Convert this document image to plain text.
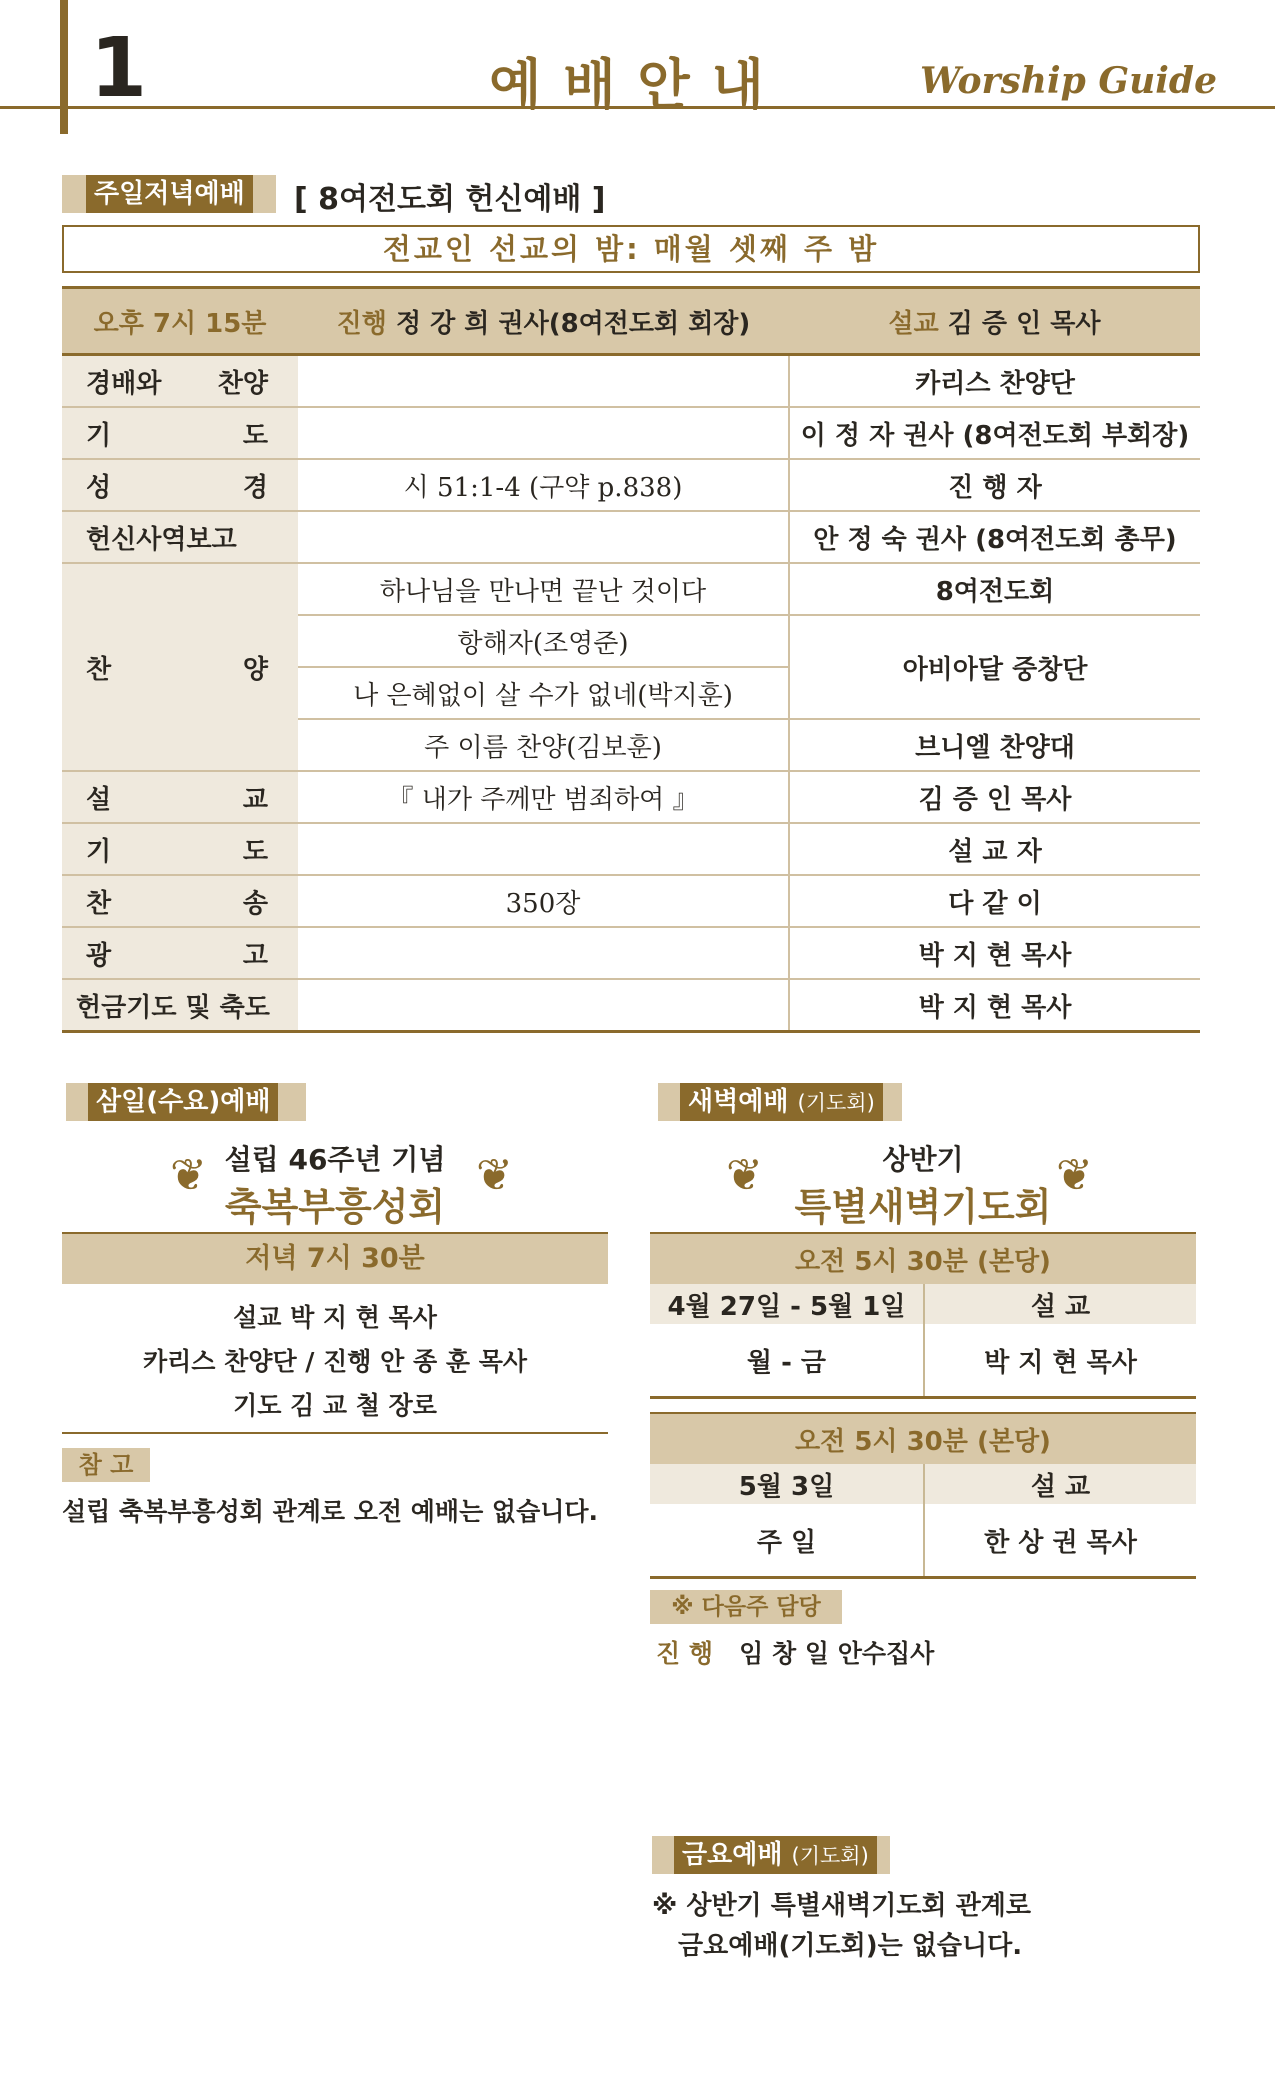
1	예배안내	Worship Guide
주일저녁예배 [ 8여전도회 헌신예배 ]
전교인 선교의 밤: 매월 셋째 주 밤
오후 7시 15분	진행 정 강 희 권사(8여전도회 회장)	설교 김 증 인 목사
경배와 찬양		카리스 찬양단
기 도		이 정 자 권사 (8여전도회 부회장)
성 경	시 51:1-4 (구약 p.838)	진 행 자
헌신사역보고		안 정 숙 권사 (8여전도회 총무)
찬 양	하나님을 만나면 끝난 것이다	8여전도회
	항해자(조영준)	아비아달 중창단
	나 은혜없이 살 수가 없네(박지훈)	
	주 이름 찬양(김보훈)	브니엘 찬양대
설 교	『 내가 주께만 범죄하여 』	김 증 인 목사
기 도		설 교 자
찬 송	350장	다 같 이
광 고		박 지 현 목사
헌금기도 및 축도		박 지 현 목사
삼일(수요)예배
설립 46주년 기념
❦
축복부흥성회
❦
저녁 7시 30분
설교 박 지 현 목사
카리스 찬양단 / 진행 안 종 훈 목사
기도 김 교 철 장로
참 고
설립 축복부흥성회 관계로 오전 예배는 없습니다.
새벽예배 (기도회)
상반기
❦
특별새벽기도회
❦
오전 5시 30분 (본당)	
4월 27일 - 5월 1일	설 교
월 - 금	박 지 현 목사
오전 5시 30분 (본당)	
5월 3일	설 교
주 일	한 상 권 목사
※ 다음주 담당
진 행 임 창 일 안수집사
금요예배 (기도회)
※ 상반기 특별새벽기도회 관계로
금요예배(기도회)는 없습니다.
